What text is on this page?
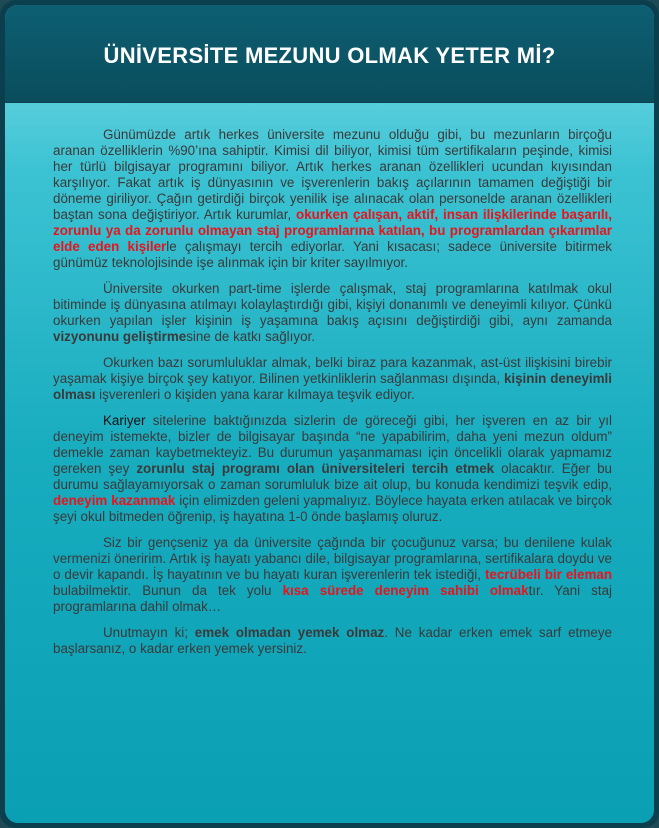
ÜNİVERSİTE MEZUNU OLMAK YETER Mİ?

Günümüzde artık herkes üniversite mezunu olduğu gibi, bu mezunların birçoğu aranan özelliklerin %90’ına sahiptir. Kimisi dil biliyor, kimisi tüm sertifikaların peşinde, kimisi her türlü bilgisayar programını biliyor. Artık herkes aranan özellikleri ucundan kıyısından karşılıyor. Fakat artık iş dünyasının ve işverenlerin bakış açılarının tamamen değiştiği bir döneme giriliyor. Çağın getirdiği birçok yenilik işe alınacak olan personelde aranan özellikleri baştan sona değiştiriyor. Artık kurumlar, okurken çalışan, aktif, insan ilişkilerinde başarılı, zorunlu ya da zorunlu olmayan staj programlarına katılan, bu programlardan çıkarımlar elde eden kişilerle çalışmayı tercih ediyorlar. Yani kısacası; sadece üniversite bitirmek günümüz teknolojisinde işe alınmak için bir kriter sayılmıyor.

Üniversite okurken part-time işlerde çalışmak, staj programlarına katılmak okul bitiminde iş dünyasına atılmayı kolaylaştırdığı gibi, kişiyi donanımlı ve deneyimli kılıyor. Çünkü okurken yapılan işler kişinin iş yaşamına bakış açısını değiştirdiği gibi, aynı zamanda vizyonunu geliştirmesine de katkı sağlıyor.

Okurken bazı sorumluluklar almak, belki biraz para kazanmak, ast-üst ilişkisini birebir yaşamak kişiye birçok şey katıyor. Bilinen yetkinliklerin sağlanması dışında, kişinin deneyimli olması işverenleri o kişiden yana karar kılmaya teşvik ediyor.

Kariyer sitelerine baktığınızda sizlerin de göreceği gibi, her işveren en az bir yıl deneyim istemekte, bizler de bilgisayar başında “ne yapabilirim, daha yeni mezun oldum” demekle zaman kaybetmekteyiz. Bu durumun yaşanmaması için öncelikli olarak yapmamız gereken şey zorunlu staj programı olan üniversiteleri tercih etmek olacaktır. Eğer bu durumu sağlayamıyorsak o zaman sorumluluk bize ait olup, bu konuda kendimizi teşvik edip, deneyim kazanmak için elimizden geleni yapmalıyız. Böylece hayata erken atılacak ve birçok şeyi okul bitmeden öğrenip, iş hayatına 1-0 önde başlamış oluruz.

Siz bir gençseniz ya da üniversite çağında bir çocuğunuz varsa; bu denilene kulak vermenizi öneririm. Artık iş hayatı yabancı dile, bilgisayar programlarına, sertifikalara doydu ve o devir kapandı. İş hayatının ve bu hayatı kuran işverenlerin tek istediği, tecrübeli bir eleman bulabilmektir. Bunun da tek yolu kısa sürede deneyim sahibi olmaktır. Yani staj programlarına dahil olmak…

Unutmayın ki; emek olmadan yemek olmaz. Ne kadar erken emek sarf etmeye başlarsanız, o kadar erken yemek yersiniz.
